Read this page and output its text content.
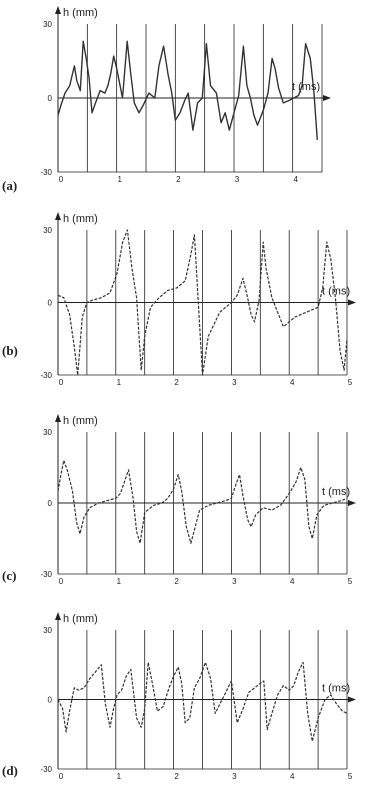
30
0
-30
0	1	2	3	4
h (mm)
t (ms)
(a)
30
0
-30
0	1	2	3	4	5
h (mm)
t (ms)
(b)
30
0
-30
0	1	2	3	4	5
h (mm)
t (ms)
(c)
30
0
-30
0	1	2	3	4	5
h (mm)
t (ms)
(d)
